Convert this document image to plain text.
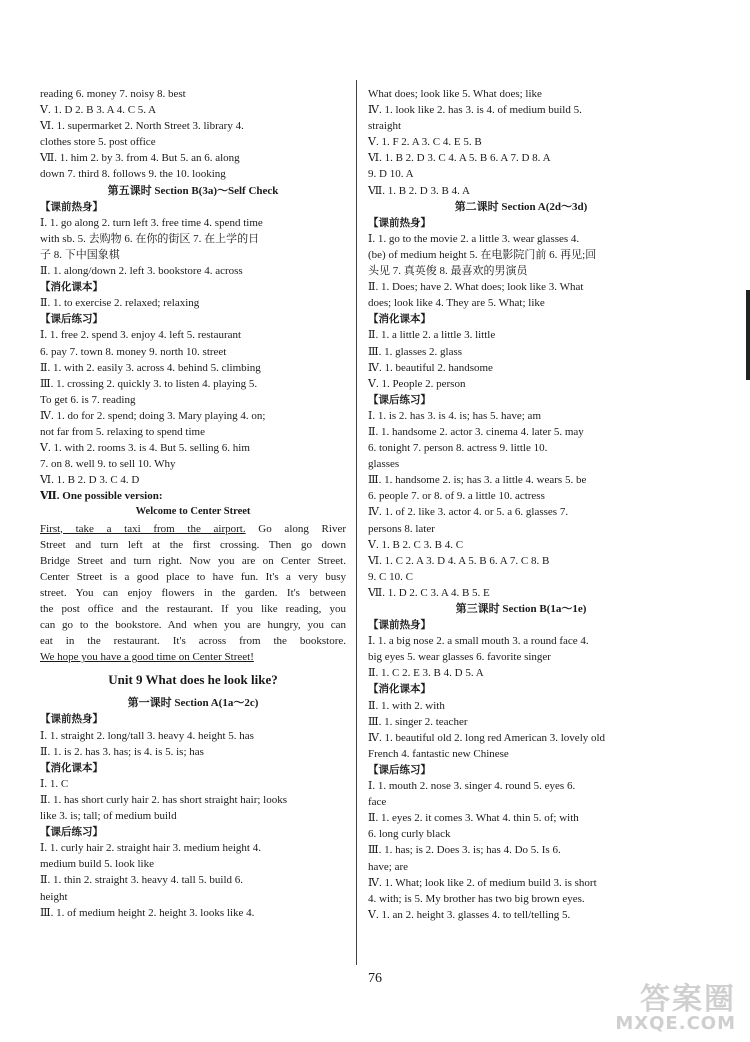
reading 6. money 7. noisy 8. best
Ⅴ. 1. D 2. B 3. A 4. C 5. A
Ⅵ. 1. supermarket 2. North Street 3. library 4.
clothes store 5. post office
Ⅶ. 1. him 2. by 3. from 4. But 5. an 6. along
down 7. third 8. follows 9. the 10. looking
第五课时 Section B(3a)～Self Check
【课前热身】
Ⅰ. 1. go along 2. turn left 3. free time 4. spend time
with sb. 5. 去购物 6. 在你的街区 7. 在上学的日
子 8. 下中国象棋
Ⅱ. 1. along/down 2. left 3. bookstore 4. across
【消化课本】
Ⅱ. 1. to exercise 2. relaxed; relaxing
【课后练习】
Ⅰ. 1. free 2. spend 3. enjoy 4. left 5. restaurant
6. pay 7. town 8. money 9. north 10. street
Ⅱ. 1. with 2. easily 3. across 4. behind 5. climbing
Ⅲ. 1. crossing 2. quickly 3. to listen 4. playing 5.
To get 6. is 7. reading
Ⅳ. 1. do for 2. spend; doing 3. Mary playing 4. on;
not far from 5. relaxing to spend time
Ⅴ. 1. with 2. rooms 3. is 4. But 5. selling 6. him
7. on 8. well 9. to sell 10. Why
Ⅵ. 1. B 2. D 3. C 4. D
Ⅶ. One possible version:
Welcome to Center Street
First, take a taxi from the airport. Go along River
Street and turn left at the first crossing. Then go down
Bridge Street and turn right. Now you are on Center Street.
Center Street is a good place to have fun. It's a very busy
street. You can enjoy flowers in the garden. It's between
the post office and the restaurant. If you like reading, you
can go to the bookstore. And when you are hungry, you can
eat in the restaurant. It's across from the bookstore.
We hope you have a good time on Center Street!
Unit 9 What does he look like?
第一课时 Section A(1a～2c)
【课前热身】
Ⅰ. 1. straight 2. long/tall 3. heavy 4. height 5. has
Ⅱ. 1. is 2. has 3. has; is 4. is 5. is; has
【消化课本】
Ⅰ. 1. C
Ⅱ. 1. has short curly hair 2. has short straight hair; looks
like 3. is; tall; of medium build
【课后练习】
Ⅰ. 1. curly hair 2. straight hair 3. medium height 4.
medium build 5. look like
Ⅱ. 1. thin 2. straight 3. heavy 4. tall 5. build 6.
height
Ⅲ. 1. of medium height 2. height 3. looks like 4.
What does; look like 5. What does; like
Ⅳ. 1. look like 2. has 3. is 4. of medium build 5.
straight
Ⅴ. 1. F 2. A 3. C 4. E 5. B
Ⅵ. 1. B 2. D 3. C 4. A 5. B 6. A 7. D 8. A
9. D 10. A
Ⅶ. 1. B 2. D 3. B 4. A
第二课时 Section A(2d～3d)
【课前热身】
Ⅰ. 1. go to the movie 2. a little 3. wear glasses 4.
(be) of medium height 5. 在电影院门前 6. 再见;回
头见 7. 真英俊 8. 最喜欢的男演员
Ⅱ. 1. Does; have 2. What does; look like 3. What
does; look like 4. They are 5. What; like
【消化课本】
Ⅱ. 1. a little 2. a little 3. little
Ⅲ. 1. glasses 2. glass
Ⅳ. 1. beautiful 2. handsome
Ⅴ. 1. People 2. person
【课后练习】
Ⅰ. 1. is 2. has 3. is 4. is; has 5. have; am
Ⅱ. 1. handsome 2. actor 3. cinema 4. later 5. may
6. tonight 7. person 8. actress 9. little 10.
glasses
Ⅲ. 1. handsome 2. is; has 3. a little 4. wears 5. be
6. people 7. or 8. of 9. a little 10. actress
Ⅳ. 1. of 2. like 3. actor 4. or 5. a 6. glasses 7.
persons 8. later
Ⅴ. 1. B 2. C 3. B 4. C
Ⅵ. 1. C 2. A 3. D 4. A 5. B 6. A 7. C 8. B
9. C 10. C
Ⅶ. 1. D 2. C 3. A 4. B 5. E
第三课时 Section B(1a～1e)
【课前热身】
Ⅰ. 1. a big nose 2. a small mouth 3. a round face 4.
big eyes 5. wear glasses 6. favorite singer
Ⅱ. 1. C 2. E 3. B 4. D 5. A
【消化课本】
Ⅱ. 1. with 2. with
Ⅲ. 1. singer 2. teacher
Ⅳ. 1. beautiful old 2. long red American 3. lovely old
French 4. fantastic new Chinese
【课后练习】
Ⅰ. 1. mouth 2. nose 3. singer 4. round 5. eyes 6.
face
Ⅱ. 1. eyes 2. it comes 3. What 4. thin 5. of; with
6. long curly black
Ⅲ. 1. has; is 2. Does 3. is; has 4. Do 5. Is 6.
have; are
Ⅳ. 1. What; look like 2. of medium build 3. is short
4. with; is 5. My brother has two big brown eyes.
Ⅴ. 1. an 2. height 3. glasses 4. to tell/telling 5.
76
答案圈
MXQE.COM
